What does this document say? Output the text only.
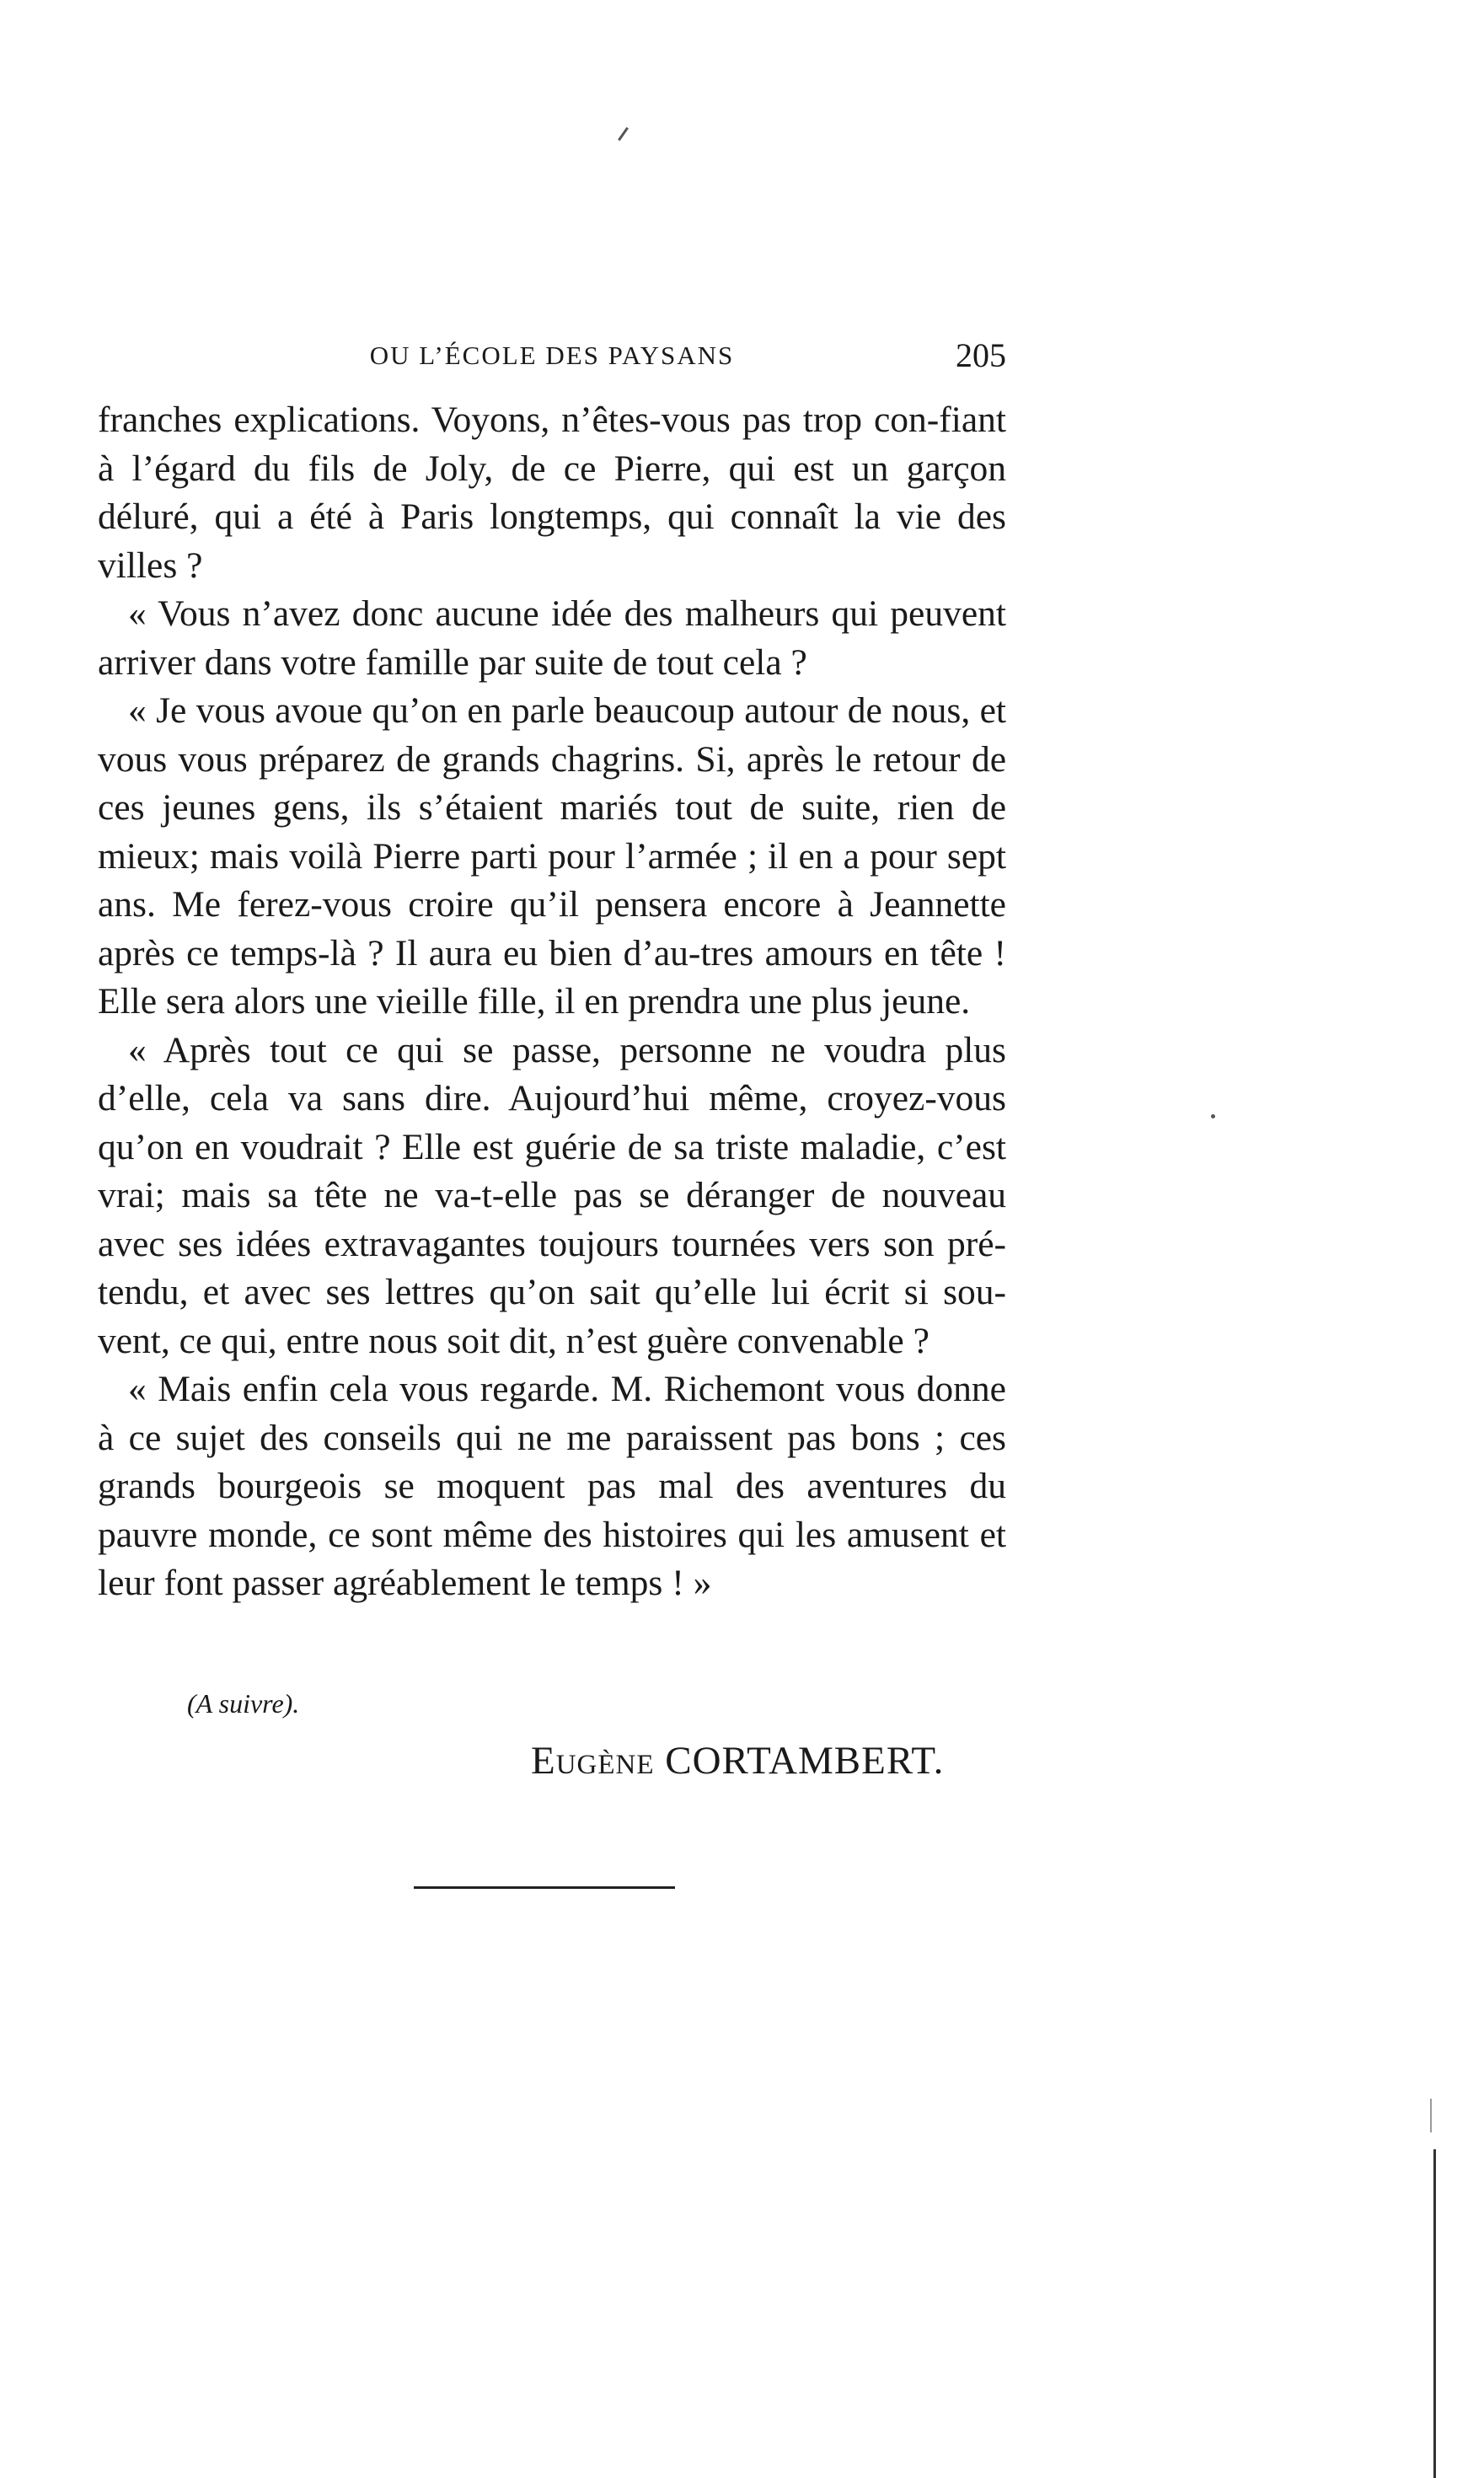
OU L’ÉCOLE DES PAYSANS	205

franches explications. Voyons, n’êtes-vous pas trop con-fiant à l’égard du fils de Joly, de ce Pierre, qui est un garçon déluré, qui a été à Paris longtemps, qui connaît la vie des villes ?

« Vous n’avez donc aucune idée des malheurs qui peuvent arriver dans votre famille par suite de tout cela ?

« Je vous avoue qu’on en parle beaucoup autour de nous, et vous vous préparez de grands chagrins. Si, après le retour de ces jeunes gens, ils s’étaient mariés tout de suite, rien de mieux; mais voilà Pierre parti pour l’armée ; il en a pour sept ans. Me ferez-vous croire qu’il pensera encore à Jeannette après ce temps-là ? Il aura eu bien d’au-tres amours en tête ! Elle sera alors une vieille fille, il en prendra une plus jeune.

« Après tout ce qui se passe, personne ne voudra plus d’elle, cela va sans dire. Aujourd’hui même, croyez-vous qu’on en voudrait ? Elle est guérie de sa triste maladie, c’est vrai; mais sa tête ne va-t-elle pas se déranger de nouveau avec ses idées extravagantes toujours tournées vers son pré-tendu, et avec ses lettres qu’on sait qu’elle lui écrit si sou-vent, ce qui, entre nous soit dit, n’est guère convenable ?

« Mais enfin cela vous regarde. M. Richemont vous donne à ce sujet des conseils qui ne me paraissent pas bons ; ces grands bourgeois se moquent pas mal des aventures du pauvre monde, ce sont même des histoires qui les amusent et leur font passer agréablement le temps ! »

(A suivre).
Eugène CORTAMBERT.
